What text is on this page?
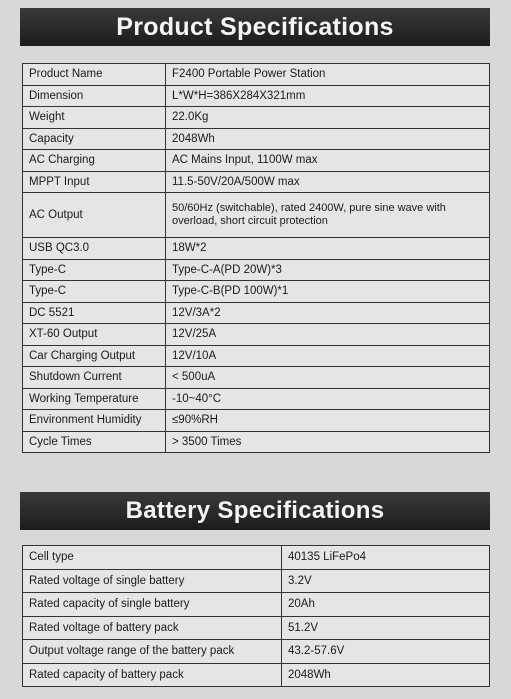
Product Specifications
Product Name	F2400 Portable Power Station
Dimension	L*W*H=386X284X321mm
Weight	22.0Kg
Capacity	2048Wh
AC Charging	AC Mains Input, 1100W max
MPPT Input	11.5-50V/20A/500W max
AC Output	50/60Hz (switchable), rated 2400W, pure sine wave with overload, short circuit protection
USB QC3.0	18W*2
Type-C	Type-C-A(PD 20W)*3
Type-C	Type-C-B(PD 100W)*1
DC 5521	12V/3A*2
XT-60 Output	12V/25A
Car Charging Output	12V/10A
Shutdown Current	< 500uA
Working Temperature	-10~40°C
Environment Humidity	≤90%RH
Cycle Times	> 3500 Times
Battery Specifications
Cell type	40135 LiFePo4
Rated voltage of single battery	3.2V
Rated capacity of single battery	20Ah
Rated voltage of battery pack	51.2V
Output voltage range of the battery pack	43.2-57.6V
Rated capacity of battery pack	2048Wh
